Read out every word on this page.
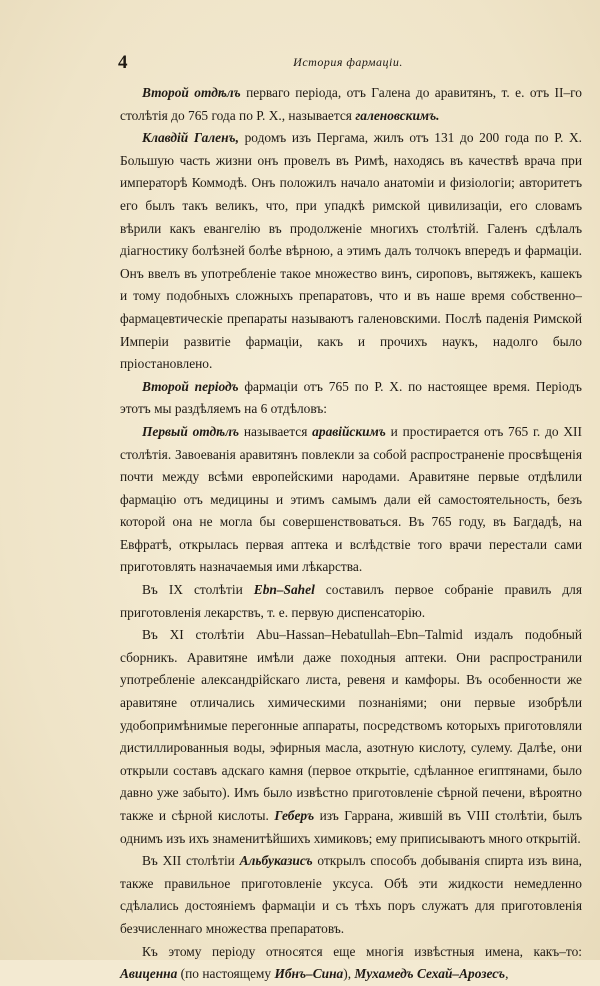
4	История фармаціи.

Второй отдѣлъ перваго періода, отъ Галена до аравитянъ, т. е. отъ II–го столѣтія до 765 года по Р. Х., называется галеновскимъ.

Клавдій Галенъ, родомъ изъ Пергама, жилъ отъ 131 до 200 года по Р. Х. Большую часть жизни онъ провелъ въ Римѣ, находясь въ качествѣ врача при императорѣ Коммодѣ. Онъ положилъ начало анатоміи и физіологіи; авторитетъ его былъ такъ великъ, что, при упадкѣ римской цивилизаціи, его словамъ вѣрили какъ евангелію въ продолженіе многихъ столѣтій. Галенъ сдѣлалъ діагностику болѣзней болѣе вѣрною, а этимъ далъ толчокъ впередъ и фармаціи. Онъ ввелъ въ употребленіе такое множество винъ, сироповъ, вытяжекъ, кашекъ и тому подобныхъ сложныхъ препаратовъ, что и въ наше время собственно–фармацевтическіе препараты называютъ галеновскими. Послѣ паденія Римской Имперіи развитіе фармаціи, какъ и прочихъ наукъ, надолго было пріостановлено.

Второй періодъ фармаціи отъ 765 по Р. Х. по настоящее время. Періодъ этотъ мы раздѣляемъ на 6 отдѣловъ:

Первый отдѣлъ называется аравійскимъ и простирается отъ 765 г. до XII столѣтія. Завоеванія аравитянъ повлекли за собой распространеніе просвѣщенія почти между всѣми европейскими народами. Аравитяне первые отдѣлили фармацію отъ медицины и этимъ самымъ дали ей самостоятельность, безъ которой она не могла бы совершенствоваться. Въ 765 году, въ Багдадѣ, на Евфратѣ, открылась первая аптека и вслѣдствіе того врачи перестали сами приготовлять назначаемыя ими лѣкарства.

Въ IX столѣтіи Ebn–Sahel составилъ первое собраніе правилъ для приготовленія лекарствъ, т. е. первую диспенсаторію.

Въ XI столѣтіи Abu–Hassan–Hebatullah–Ebn–Talmid издалъ подобный сборникъ. Аравитяне имѣли даже походныя аптеки. Они распространили употребленіе александрійскаго листа, ревеня и камфоры. Въ особенности же аравитяне отличались химическими познаніями; они первые изобрѣли удобопримѣнимые перегонные аппараты, посредствомъ которыхъ приготовляли дистиллированныя воды, эфирныя масла, азотную кислоту, сулему. Далѣе, они открыли составъ адскаго камня (первое открытіе, сдѣланное египтянами, было давно уже забыто). Имъ было извѣстно приготовленіе сѣрной печени, вѣроятно также и сѣрной кислоты. Геберъ изъ Гаррана, жившій въ VIII столѣтіи, былъ однимъ изъ ихъ знаменитѣйшихъ химиковъ; ему приписываютъ много открытій.

Въ XII столѣтіи Альбуказисъ открылъ способъ добыванія спирта изъ вина, также правильное приготовленіе уксуса. Обѣ эти жидкости немедленно сдѣлались достояніемъ фармаціи и съ тѣхъ поръ служатъ для приготовленія безчисленнаго множества препаратовъ.

Къ этому періоду относятся еще многія извѣстныя имена, какъ–то: Авиценна (по настоящему Ибнъ–Сина), Мухамедъ Сехай–Арозесъ,
